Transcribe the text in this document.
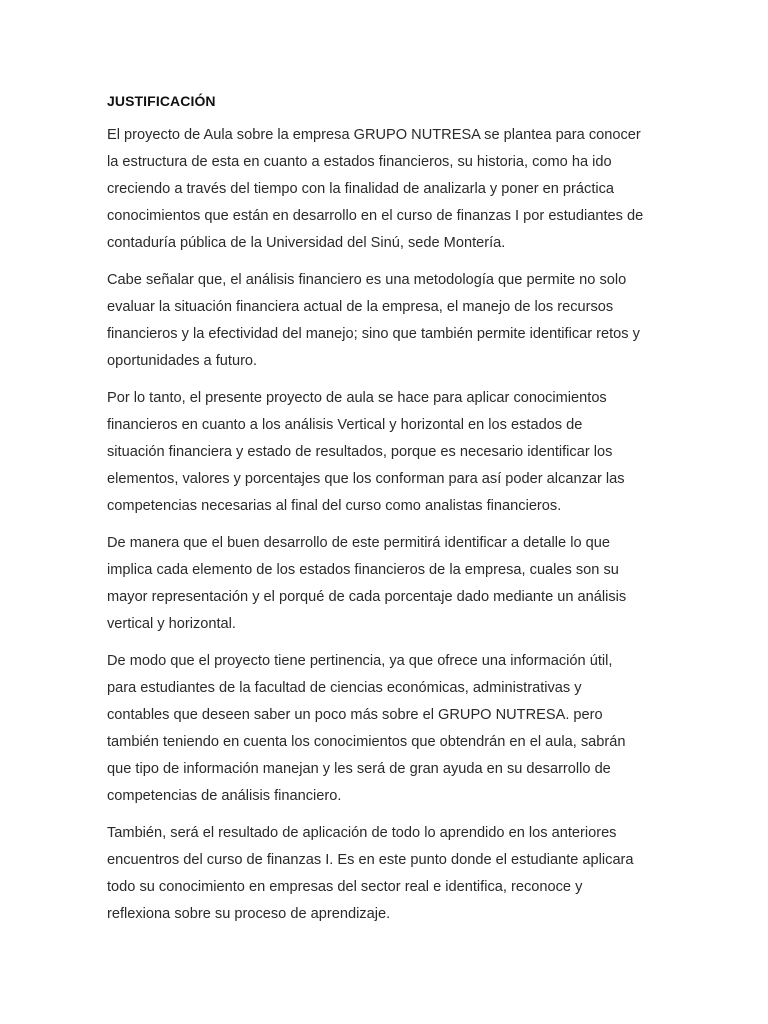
JUSTIFICACIÓN

El proyecto de Aula sobre la empresa GRUPO NUTRESA se plantea para conocer
la estructura de esta en cuanto a estados financieros, su historia, como ha ido
creciendo a través del tiempo con la finalidad de analizarla y poner en práctica
conocimientos que están en desarrollo en el curso de finanzas I por estudiantes de
contaduría pública de la Universidad del Sinú, sede Montería.

Cabe señalar que, el análisis financiero es una metodología que permite no solo
evaluar la situación financiera actual de la empresa, el manejo de los recursos
financieros y la efectividad del manejo; sino que también permite identificar retos y
oportunidades a futuro.

Por lo tanto, el presente proyecto de aula se hace para aplicar conocimientos
financieros en cuanto a los análisis Vertical y horizontal en los estados de
situación financiera y estado de resultados, porque es necesario identificar los
elementos, valores y porcentajes que los conforman para así poder alcanzar las
competencias necesarias al final del curso como analistas financieros.

De manera que el buen desarrollo de este permitirá identificar a detalle lo que
implica cada elemento de los estados financieros de la empresa, cuales son su
mayor representación y el porqué de cada porcentaje dado mediante un análisis
vertical y horizontal.

De modo que el proyecto tiene pertinencia, ya que ofrece una información útil,
para estudiantes de la facultad de ciencias económicas, administrativas y
contables que deseen saber un poco más sobre el GRUPO NUTRESA. pero
también teniendo en cuenta los conocimientos que obtendrán en el aula, sabrán
que tipo de información manejan y les será de gran ayuda en su desarrollo de
competencias de análisis financiero.

También, será el resultado de aplicación de todo lo aprendido en los anteriores
encuentros del curso de finanzas I. Es en este punto donde el estudiante aplicara
todo su conocimiento en empresas del sector real e identifica, reconoce y
reflexiona sobre su proceso de aprendizaje.
